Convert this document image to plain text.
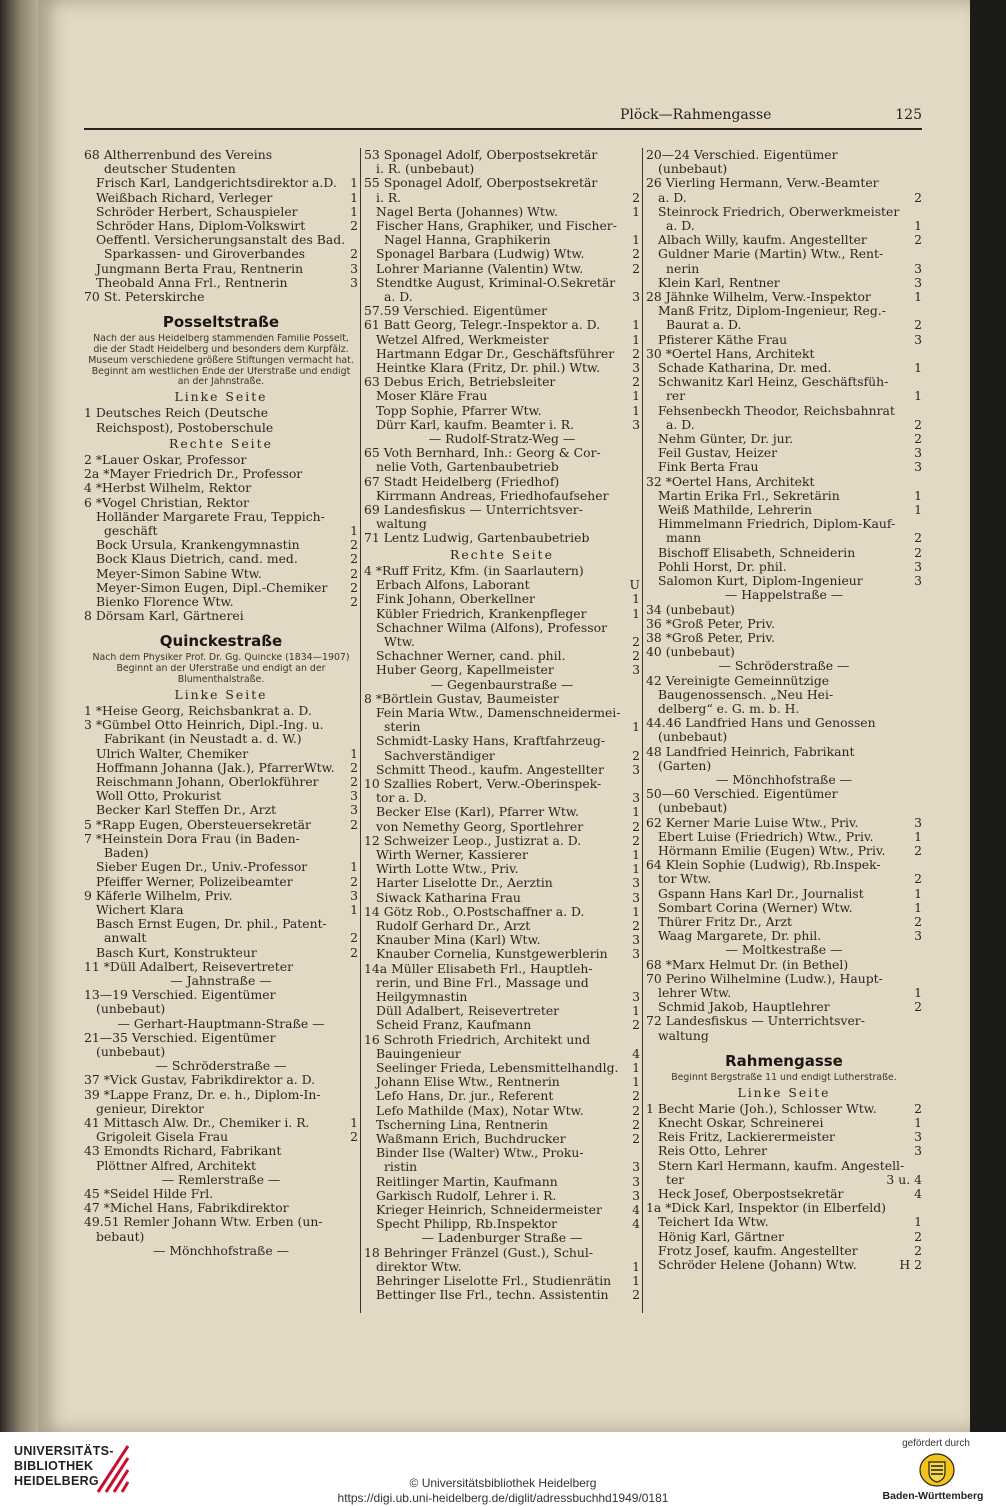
Plöck—Rahmengasse	125
68 Altherrenbund des Vereins
deutscher Studenten
1
Frisch Karl, Landgerichtsdirektor a.D.
1
Weißbach Richard, Verleger
1
Schröder Herbert, Schauspieler
2
Schröder Hans, Diplom-Volkswirt
Oeffentl. Versicherungsanstalt des Bad.
2
Sparkassen- und Giroverbandes
3
Jungmann Berta Frau, Rentnerin
3
Theobald Anna Frl., Rentnerin
70 St. Peterskirche
Posseltstraße
Nach der aus Heidelberg stammenden Familie Posselt, die der Stadt Heidelberg und besonders dem Kurpfälz. Museum verschiedene größere Stiftungen vermacht hat.
Beginnt am westlichen Ende der Uferstraße und endigt an der Jahnstraße.
Linke Seite
1 Deutsches Reich (Deutsche
Reichspost), Postoberschule
Rechte Seite
2 *Lauer Oskar, Professor
2a *Mayer Friedrich Dr., Professor
4 *Herbst Wilhelm, Rektor
6 *Vogel Christian, Rektor
Holländer Margarete Frau, Teppich-
1
geschäft
2
Bock Ursula, Krankengymnastin
2
Bock Klaus Dietrich, cand. med.
2
Meyer-Simon Sabine Wtw.
2
Meyer-Simon Eugen, Dipl.-Chemiker
2
Bienko Florence Wtw.
8 Dörsam Karl, Gärtnerei
Quinckestraße
Nach dem Physiker Prof. Dr. Gg. Quincke (1834—1907)
Beginnt an der Uferstraße und endigt an der Blumenthalstraße.
Linke Seite
1 *Heise Georg, Reichsbankrat a. D.
3 *Gümbel Otto Heinrich, Dipl.-Ing. u.
Fabrikant (in Neustadt a. d. W.)
1
Ulrich Walter, Chemiker
2
Hoffmann Johanna (Jak.), PfarrerWtw.
2
Reischmann Johann, Oberlokführer
3
Woll Otto, Prokurist
3
Becker Karl Steffen Dr., Arzt
2
5 *Rapp Eugen, Obersteuersekretär
7 *Heinstein Dora Frau (in Baden-
Baden)
1
Sieber Eugen Dr., Univ.-Professor
2
Pfeiffer Werner, Polizeibeamter
3
9 Käferle Wilhelm, Priv.
1
Wichert Klara
Basch Ernst Eugen, Dr. phil., Patent-
2
anwalt
2
Basch Kurt, Konstrukteur
11 *Düll Adalbert, Reisevertreter
— Jahnstraße —
13—19 Verschied. Eigentümer
(unbebaut)
— Gerhart-Hauptmann-Straße —
21—35 Verschied. Eigentümer
(unbebaut)
— Schröderstraße —
37 *Vick Gustav, Fabrikdirektor a. D.
39 *Lappe Franz, Dr. e. h., Diplom-In-
genieur, Direktor
1
41 Mittasch Alw. Dr., Chemiker i. R.
2
Grigoleit Gisela Frau
43 Emondts Richard, Fabrikant
Plöttner Alfred, Architekt
— Remlerstraße —
45 *Seidel Hilde Frl.
47 *Michel Hans, Fabrikdirektor
49.51 Remler Johann Wtw. Erben (un-
bebaut)
— Mönchhofstraße —
53 Sponagel Adolf, Oberpostsekretär
i. R. (unbebaut)
55 Sponagel Adolf, Oberpostsekretär
2
i. R.
1
Nagel Berta (Johannes) Wtw.
Fischer Hans, Graphiker, und Fischer-
1
Nagel Hanna, Graphikerin
2
Sponagel Barbara (Ludwig) Wtw.
2
Lohrer Marianne (Valentin) Wtw.
Stendtke August, Kriminal-O.Sekretär
3
a. D.
57.59 Verschied. Eigentümer
1
61 Batt Georg, Telegr.-Inspektor a. D.
1
Wetzel Alfred, Werkmeister
2
Hartmann Edgar Dr., Geschäftsführer
3
Heintke Klara (Fritz, Dr. phil.) Wtw.
2
63 Debus Erich, Betriebsleiter
1
Moser Kläre Frau
1
Topp Sophie, Pfarrer Wtw.
3
Dürr Karl, kaufm. Beamter i. R.
— Rudolf-Stratz-Weg —
65 Voth Bernhard, Inh.: Georg & Cor-
nelie Voth, Gartenbaubetrieb
67 Stadt Heidelberg (Friedhof)
Kirrmann Andreas, Friedhofaufseher
69 Landesfiskus — Unterrichtsver-
waltung
71 Lentz Ludwig, Gartenbaubetrieb
Rechte Seite
4 *Ruff Fritz, Kfm. (in Saarlautern)
U
Erbach Alfons, Laborant
1
Fink Johann, Oberkellner
1
Kübler Friedrich, Krankenpfleger
Schachner Wilma (Alfons), Professor
2
Wtw.
2
Schachner Werner, cand. phil.
3
Huber Georg, Kapellmeister
— Gegenbaurstraße —
8 *Börtlein Gustav, Baumeister
Fein Maria Wtw., Damenschneidermei-
1
sterin
Schmidt-Lasky Hans, Kraftfahrzeug-
2
Sachverständiger
3
Schmitt Theod., kaufm. Angestellter
10 Szallies Robert, Verw.-Oberinspek-
3
tor a. D.
1
Becker Else (Karl), Pfarrer Wtw.
2
von Nemethy Georg, Sportlehrer
2
12 Schweizer Leop., Justizrat a. D.
1
Wirth Werner, Kassierer
1
Wirth Lotte Wtw., Priv.
3
Harter Liselotte Dr., Aerztin
3
Siwack Katharina Frau
1
14 Götz Rob., O.Postschaffner a. D.
2
Rudolf Gerhard Dr., Arzt
3
Knauber Mina (Karl) Wtw.
3
Knauber Cornelia, Kunstgewerblerin
14a Müller Elisabeth Frl., Hauptleh-
rerin, und Bine Frl., Massage und
3
Heilgymnastin
1
Düll Adalbert, Reisevertreter
2
Scheid Franz, Kaufmann
16 Schroth Friedrich, Architekt und
4
Bauingenieur
1
Seelinger Frieda, Lebensmittelhandlg.
1
Johann Elise Wtw., Rentnerin
2
Lefo Hans, Dr. jur., Referent
2
Lefo Mathilde (Max), Notar Wtw.
2
Tscherning Lina, Rentnerin
2
Waßmann Erich, Buchdrucker
Binder Ilse (Walter) Wtw., Proku-
3
ristin
3
Reitlinger Martin, Kaufmann
3
Garkisch Rudolf, Lehrer i. R.
4
Krieger Heinrich, Schneidermeister
4
Specht Philipp, Rb.Inspektor
— Ladenburger Straße —
18 Behringer Fränzel (Gust.), Schul-
1
direktor Wtw.
1
Behringer Liselotte Frl., Studienrätin
2
Bettinger Ilse Frl., techn. Assistentin
20—24 Verschied. Eigentümer
(unbebaut)
26 Vierling Hermann, Verw.-Beamter
2
a. D.
Steinrock Friedrich, Oberwerkmeister
1
a. D.
2
Albach Willy, kaufm. Angestellter
Guldner Marie (Martin) Wtw., Rent-
3
nerin
3
Klein Karl, Rentner
1
28 Jähnke Wilhelm, Verw.-Inspektor
Manß Fritz, Diplom-Ingenieur, Reg.-
2
Baurat a. D.
3
Pfisterer Käthe Frau
30 *Oertel Hans, Architekt
1
Schade Katharina, Dr. med.
Schwanitz Karl Heinz, Geschäftsfüh-
1
rer
Fehsenbeckh Theodor, Reichsbahnrat
2
a. D.
2
Nehm Günter, Dr. jur.
3
Feil Gustav, Heizer
3
Fink Berta Frau
32 *Oertel Hans, Architekt
1
Martin Erika Frl., Sekretärin
1
Weiß Mathilde, Lehrerin
Himmelmann Friedrich, Diplom-Kauf-
2
mann
2
Bischoff Elisabeth, Schneiderin
3
Pohli Horst, Dr. phil.
3
Salomon Kurt, Diplom-Ingenieur
— Happelstraße —
34 (unbebaut)
36 *Groß Peter, Priv.
38 *Groß Peter, Priv.
40 (unbebaut)
— Schröderstraße —
42 Vereinigte Gemeinnützige
Baugenossensch. „Neu Hei-
delberg“ e. G. m. b. H.
44.46 Landfried Hans und Genossen
(unbebaut)
48 Landfried Heinrich, Fabrikant
(Garten)
— Mönchhofstraße —
50—60 Verschied. Eigentümer
(unbebaut)
3
62 Kerner Marie Luise Wtw., Priv.
1
Ebert Luise (Friedrich) Wtw., Priv.
2
Hörmann Emilie (Eugen) Wtw., Priv.
64 Klein Sophie (Ludwig), Rb.Inspek-
2
tor Wtw.
1
Gspann Hans Karl Dr., Journalist
1
Sombart Corina (Werner) Wtw.
2
Thürer Fritz Dr., Arzt
3
Waag Margarete, Dr. phil.
— Moltkestraße —
68 *Marx Helmut Dr. (in Bethel)
70 Perino Wilhelmine (Ludw.), Haupt-
1
lehrer Wtw.
2
Schmid Jakob, Hauptlehrer
72 Landesfiskus — Unterrichtsver-
waltung
Rahmengasse
Beginnt Bergstraße 11 und endigt Lutherstraße.
Linke Seite
2
1 Becht Marie (Joh.), Schlosser Wtw.
1
Knecht Oskar, Schreinerei
3
Reis Fritz, Lackierermeister
3
Reis Otto, Lehrer
Stern Karl Hermann, kaufm. Angestell-
3 u. 4
ter
4
Heck Josef, Oberpostsekretär
1a *Dick Karl, Inspektor (in Elberfeld)
1
Teichert Ida Wtw.
2
Hönig Karl, Gärtner
2
Frotz Josef, kaufm. Angestellter
H 2
Schröder Helene (Johann) Wtw.
UNIVERSITÄTS-
BIBLIOTHEK
HEIDELBERG	© Universitätsbibliothek Heidelberg
https://digi.ub.uni-heidelberg.de/diglit/adressbuchhd1949/0181
gefördert durch
Baden-Württemberg
